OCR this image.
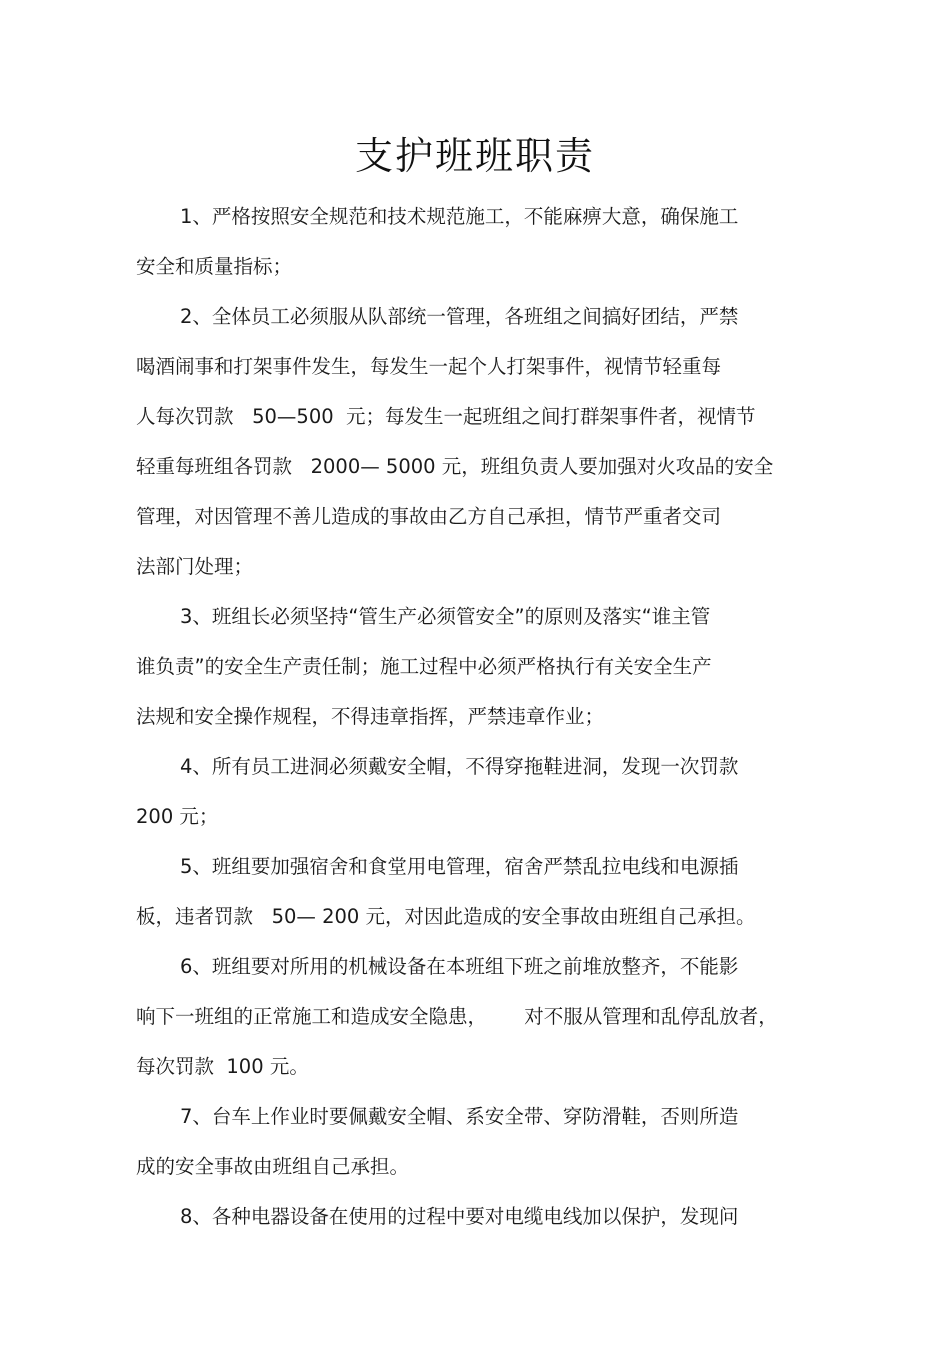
支护班班职责

1、严格按照安全规范和技术规范施工，不能麻痹大意，确保施工

安全和质量指标；

2、全体员工必须服从队部统一管理，各班组之间搞好团结，严禁

喝酒闹事和打架事件发生，每发生一起个人打架事件，视情节轻重每

人每次罚款   50—500  元；每发生一起班组之间打群架事件者，视情节

轻重每班组各罚款   2000— 5000 元，班组负责人要加强对火攻品的安全

管理，对因管理不善儿造成的事故由乙方自己承担，情节严重者交司

法部门处理；

3、班组长必须坚持“管生产必须管安全”的原则及落实“谁主管

谁负责”的安全生产责任制；施工过程中必须严格执行有关安全生产

法规和安全操作规程，不得违章指挥，严禁违章作业；

4、所有员工进洞必须戴安全帽，不得穿拖鞋进洞，发现一次罚款

200 元；

5、班组要加强宿舍和食堂用电管理，宿舍严禁乱拉电线和电源插

板，违者罚款   50— 200 元，对因此造成的安全事故由班组自己承担。

6、班组要对所用的机械设备在本班组下班之前堆放整齐，不能影

响下一班组的正常施工和造成安全隐患，      对不服从管理和乱停乱放者，

每次罚款  100 元。

7、台车上作业时要佩戴安全帽、系安全带、穿防滑鞋，否则所造

成的安全事故由班组自己承担。

8、各种电器设备在使用的过程中要对电缆电线加以保护，发现问
